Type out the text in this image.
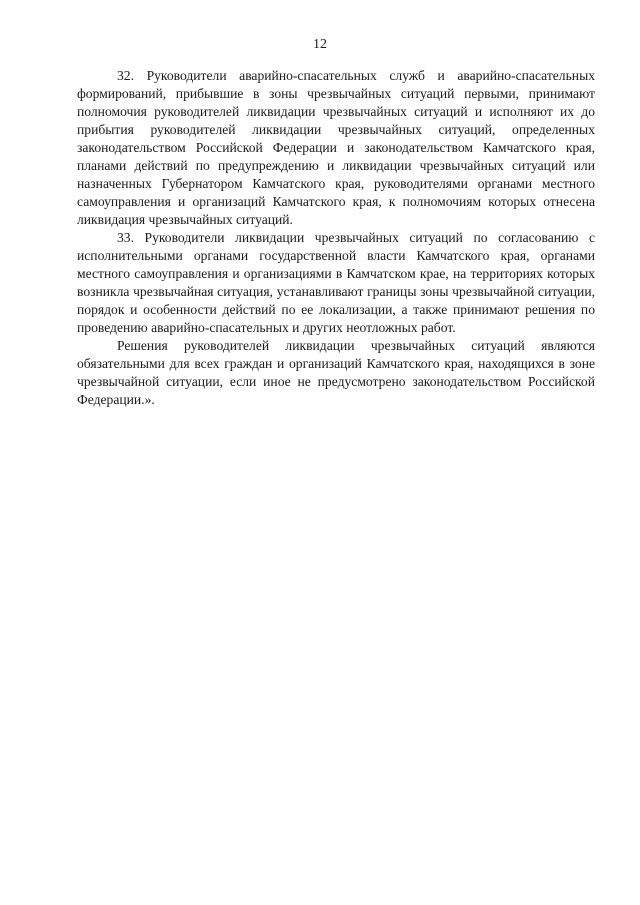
12

32. Руководители аварийно-спасательных служб и аварийно-спасательных формирований, прибывшие в зоны чрезвычайных ситуаций первыми, принимают полномочия руководителей ликвидации чрезвычайных ситуаций и исполняют их до прибытия руководителей ликвидации чрезвычайных ситуаций, определенных законодательством Российской Федерации и законодательством Камчатского края, планами действий по предупреждению и ликвидации чрезвычайных ситуаций или назначенных Губернатором Камчатского края, руководителями органами местного самоуправления и организаций Камчатского края, к полномочиям которых отнесена ликвидация чрезвычайных ситуаций.

33. Руководители ликвидации чрезвычайных ситуаций по согласованию с исполнительными органами государственной власти Камчатского края, органами местного самоуправления и организациями в Камчатском крае, на территориях которых возникла чрезвычайная ситуация, устанавливают границы зоны чрезвычайной ситуации, порядок и особенности действий по ее локализации, а также принимают решения по проведению аварийно-спасательных и других неотложных работ.

Решения руководителей ликвидации чрезвычайных ситуаций являются обязательными для всех граждан и организаций Камчатского края, находящихся в зоне чрезвычайной ситуации, если иное не предусмотрено законодательством Российской Федерации.».
